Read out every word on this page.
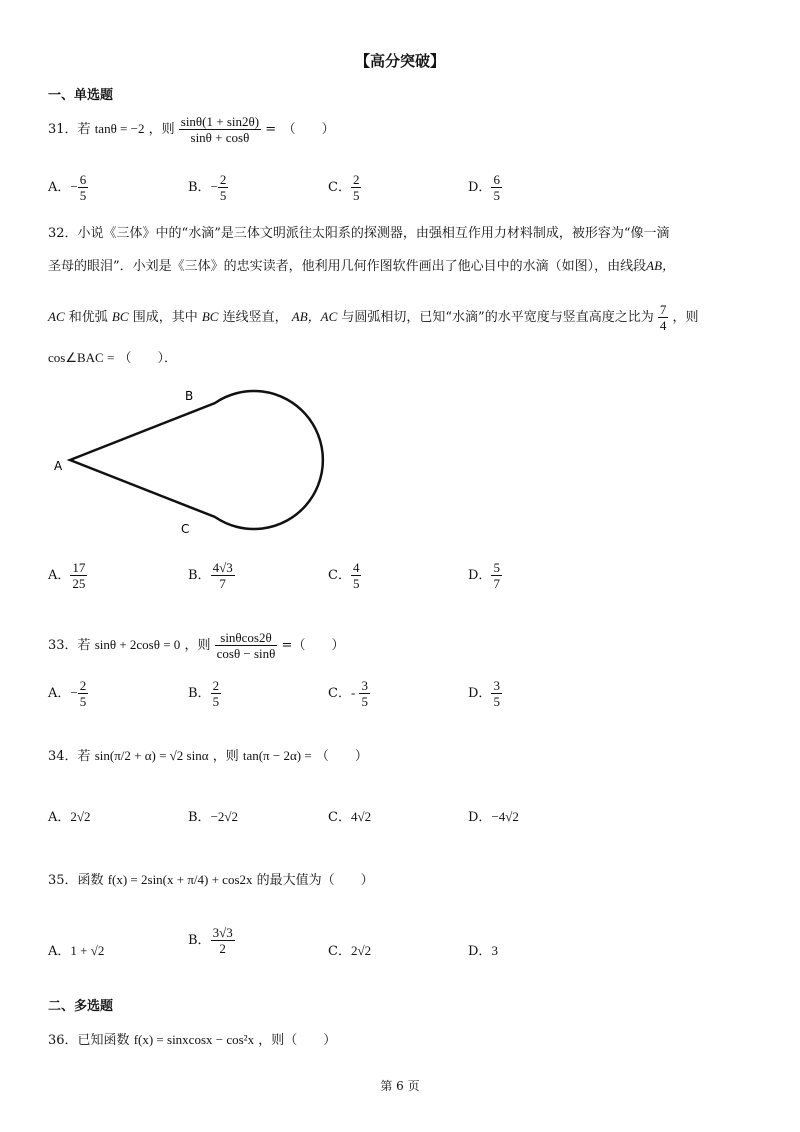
【高分突破】
一、单选题
31．若 tanθ = −2 ，则 $\frac{\sin\theta(1 + \sin 2\theta)}{\sin\theta + \cos\theta}$ =　（　　）
A．− $\frac{6}{5}$	B．− $\frac{2}{5}$	C． $\frac{2}{5}$	D． $\frac{6}{5}$
32．小说《三体》中的“水滴”是三体文明派往太阳系的探测器，由强相互作用力材料制成，被形容为“像一滴
圣母的眼泪”．小刘是《三体》的忠实读者，他利用几何作图软件画出了他心目中的水滴（如图），由线段AB，
AC 和优弧 BC 围成，其中 BC 连线竖直， AB，AC 与圆弧相切，已知“水滴”的水平宽度与竖直高度之比为 $\frac{7}{4}$ ，则
cos∠BAC = （　　）．
B
A
C
A． $\frac{17}{25}$	B． $\frac{4√3}{7}$	C． $\frac{4}{5}$	D． $\frac{5}{7}$
33．若 sinθ + 2cosθ = 0 ，则 $\frac{\sin\theta\cos 2\theta}{\cos\theta - \sin\theta}$ =（　　）
A．− $\frac{2}{5}$	B． $\frac{2}{5}$	C．- $\frac{3}{5}$	D． $\frac{3}{5}$
34．若 sin(π/2 + α) = √2 sinα ，则 tan(π − 2α) = （　　）
A．2√2	B．−2√2	C．4√2	D．−4√2
35．函数 f(x) = 2sin(x + π/4) + cos2x 的最大值为（　　）
A．1 + √2
B． $\frac{3√3}{2}$	C．2√2	D．3
二、多选题
36．已知函数 f(x) = sinxcosx − cos²x ，则（　　）
第 6 页
